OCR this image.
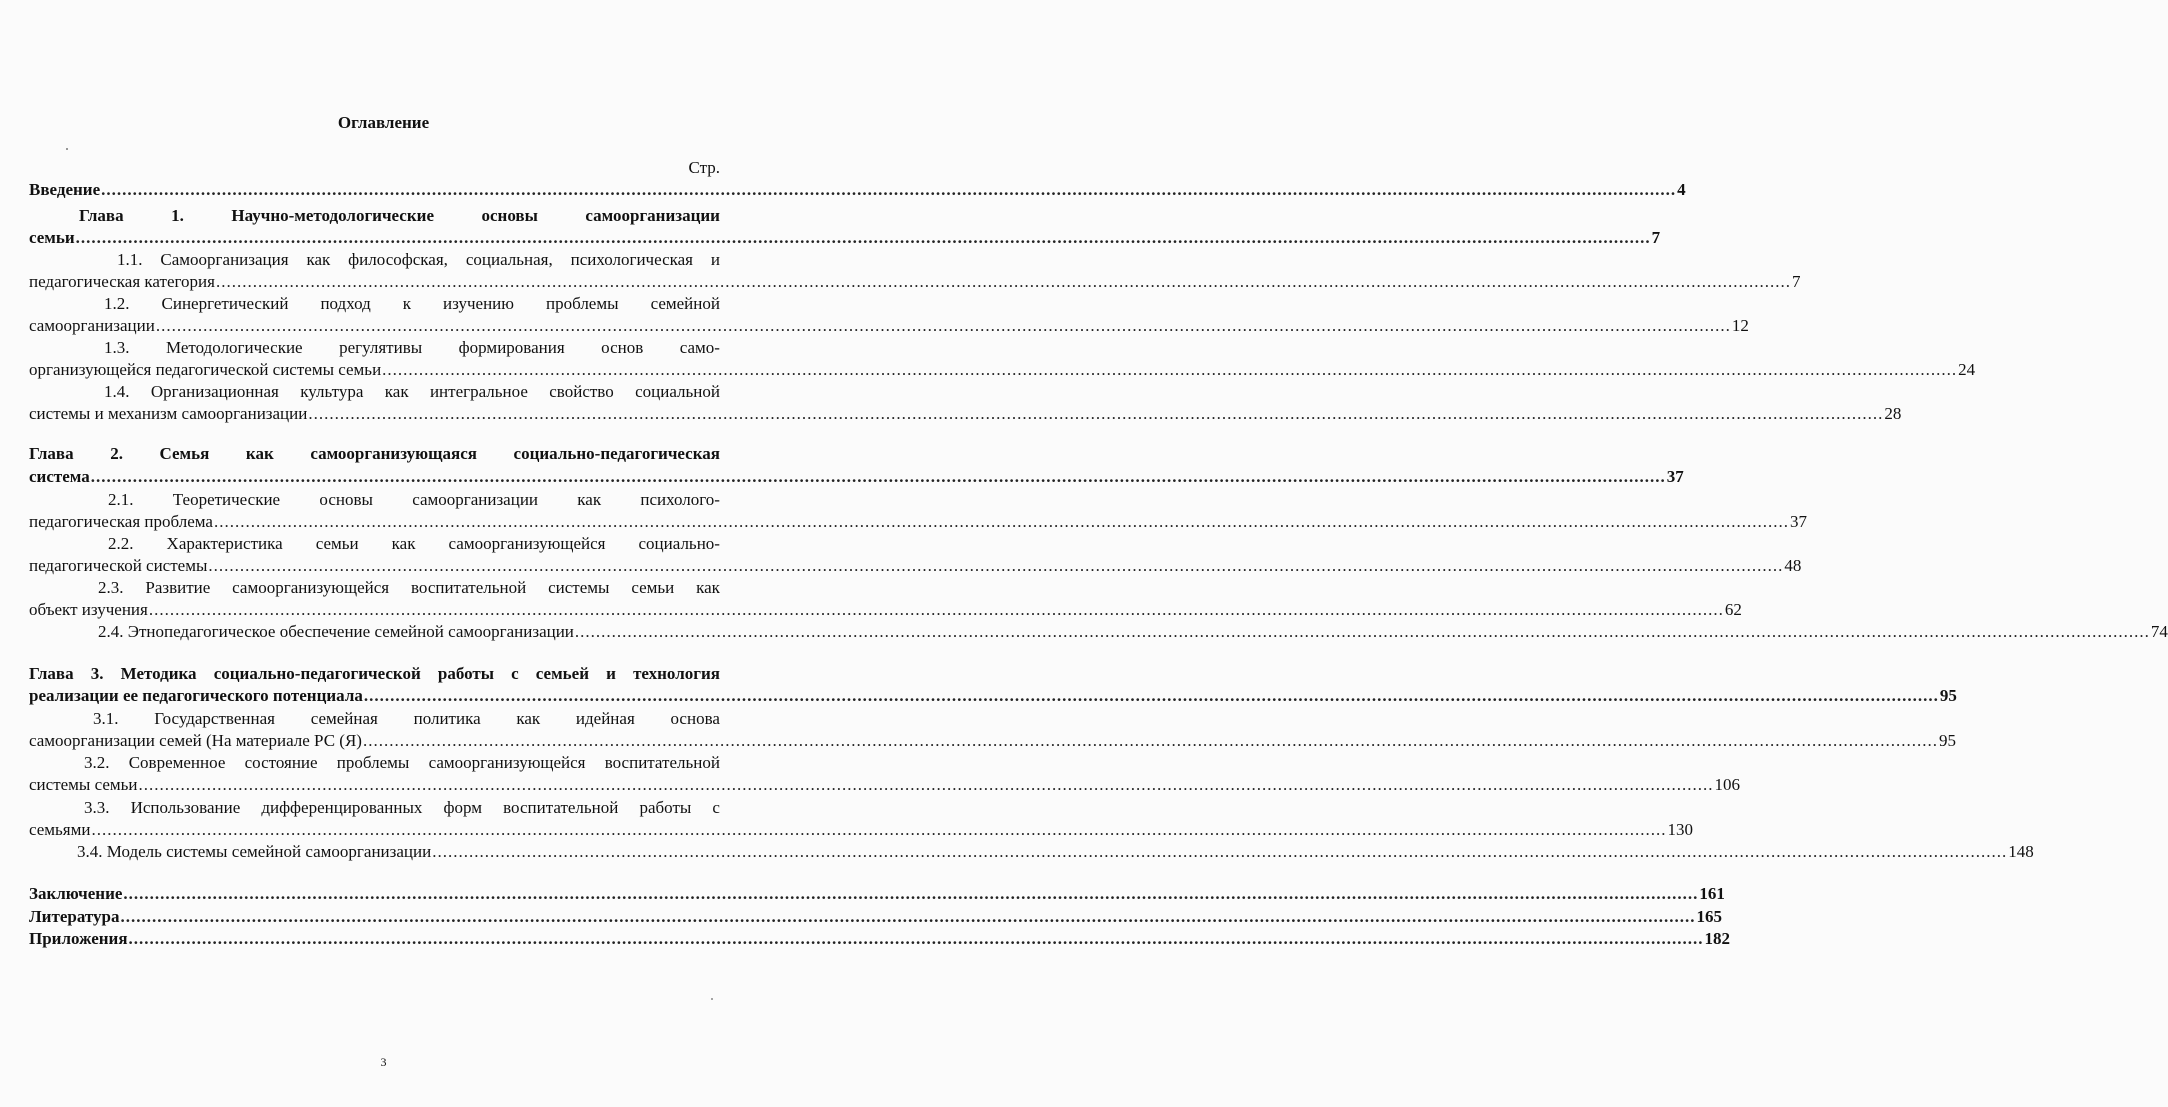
Оглавление
Стр.
Введение ............................................................................................................................................................................................................................................................................................................ 4
Глава	1.	Научно-методологические	основы	самоорганизации
семьи ............................................................................................................................................................................................................................................................................................................ 7
1.1. Самоорганизация как философская, социальная, психологическая и
педагогическая категория ............................................................................................................................................................................................................................................................................................................ 7
1.2. Синергетический подход к изучению проблемы семейной
самоорганизации ............................................................................................................................................................................................................................................................................................................ 12
1.3. Методологические регулятивы формирования основ само-
организующейся педагогической системы семьи ............................................................................................................................................................................................................................................................................................................ 24
1.4. Организационная культура как интегральное свойство социальной
системы и механизм самоорганизации ............................................................................................................................................................................................................................................................................................................ 28
Глава 2. Семья как самоорганизующаяся социально-педагогическая
система ............................................................................................................................................................................................................................................................................................................ 37
2.1. Теоретические основы самоорганизации как психолого-
педагогическая проблема ............................................................................................................................................................................................................................................................................................................ 37
2.2. Характеристика семьи как самоорганизующейся социально-
педагогической системы ............................................................................................................................................................................................................................................................................................................ 48
2.3. Развитие самоорганизующейся воспитательной системы семьи как
объект изучения ............................................................................................................................................................................................................................................................................................................ 62
2.4. Этнопедагогическое обеспечение семейной самоорганизации ............................................................................................................................................................................................................................................................................................................ 74
Глава 3. Методика социально-педагогической работы с семьей и технология
реализации ее педагогического потенциала ............................................................................................................................................................................................................................................................................................................ 95
3.1. Государственная семейная политика как идейная основа
самоорганизации семей (На материале РС (Я) ............................................................................................................................................................................................................................................................................................................ 95
3.2. Современное состояние проблемы самоорганизующейся воспитательной
системы семьи ............................................................................................................................................................................................................................................................................................................ 106
3.3. Использование дифференцированных форм воспитательной работы с
семьями ............................................................................................................................................................................................................................................................................................................ 130
3.4. Модель системы семейной самоорганизации ............................................................................................................................................................................................................................................................................................................ 148
Заключение ............................................................................................................................................................................................................................................................................................................ 161
Литература ............................................................................................................................................................................................................................................................................................................ 165
Приложения ............................................................................................................................................................................................................................................................................................................ 182
3
